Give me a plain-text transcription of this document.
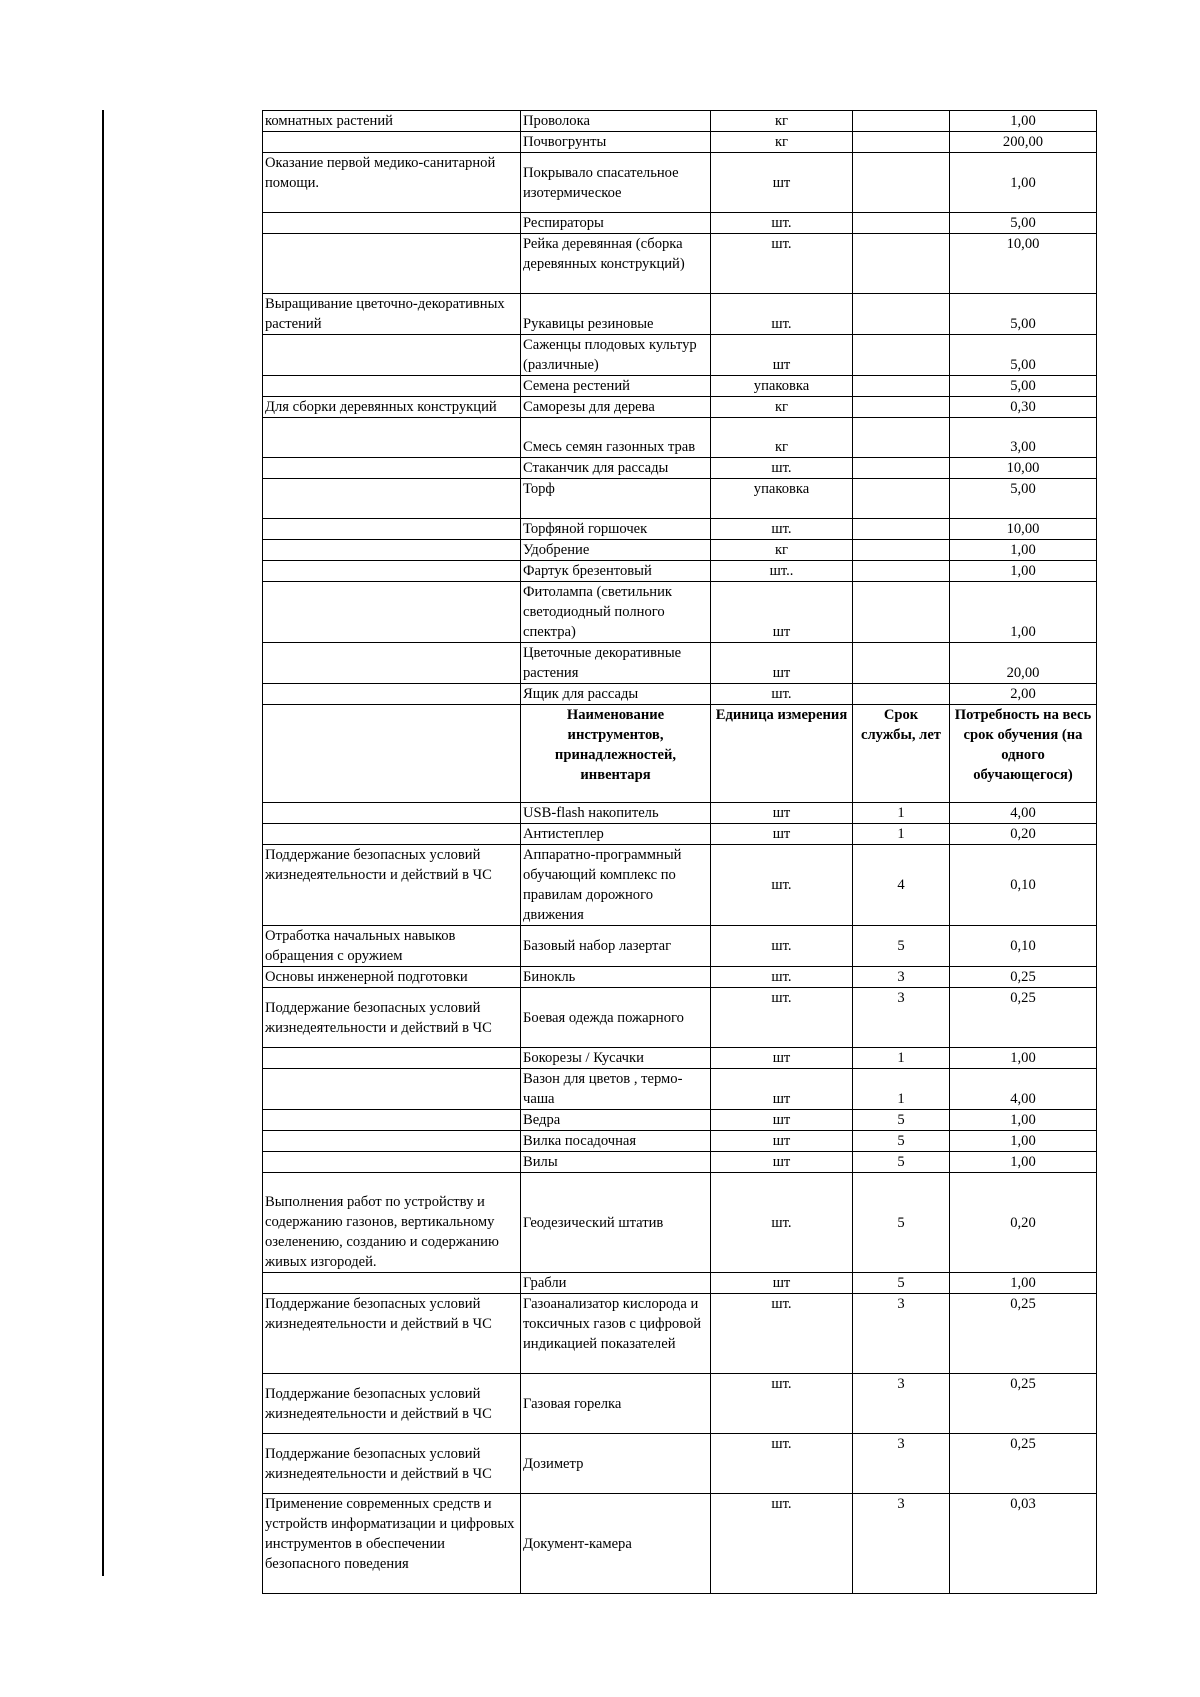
комнатных растений	Проволока	кг		1,00
	Почвогрунты	кг		200,00
Оказание первой медико-санитарной помощи.	Покрывало спасательное изотермическое	шт		1,00
	Респираторы	шт.		5,00
	Рейка деревянная (сборка деревянных конструкций)	шт.		10,00
Выращивание цветочно-декоративных растений	Рукавицы резиновые	шт.		5,00
	Саженцы плодовых культур (различные)	шт		5,00
	Семена рестений	упаковка		5,00
Для сборки деревянных конструкций	Саморезы для дерева	кг		0,30
	Смесь семян газонных трав	кг		3,00
	Стаканчик для рассады	шт.		10,00
	Торф	упаковка		5,00
	Торфяной горшочек	шт.		10,00
	Удобрение	кг		1,00
	Фартук брезентовый	шт..		1,00
	Фитолампа (светильник светодиодный полного спектра)	шт		1,00
	Цветочные декоративные растения	шт		20,00
	Ящик для рассады	шт.		2,00
	Наименование инструментов, принадлежностей, инвентаря	Единица измерения	Срок службы, лет	Потребность на весь срок обучения (на одного обучающегося)
	USB-flash накопитель	шт	1	4,00
	Антистеплер	шт	1	0,20
Поддержание безопасных условий жизнедеятельности и действий в ЧС	Аппаратно-программный обучающий комплекс по правилам дорожного движения	шт.	4	0,10
Отработка начальных навыков обращения с оружием	Базовый набор лазертаг	шт.	5	0,10
Основы инженерной подготовки	Бинокль	шт.	3	0,25
Поддержание безопасных условий жизнедеятельности и действий в ЧС	Боевая одежда пожарного	шт.	3	0,25
	Бокорезы / Кусачки	шт	1	1,00
	Вазон для цветов , термо-чаша	шт	1	4,00
	Ведра	шт	5	1,00
	Вилка посадочная	шт	5	1,00
	Вилы	шт	5	1,00
Выполнения работ по устройству и содержанию газонов, вертикальному озеленению, созданию и содержанию живых изгородей.	Геодезический штатив	шт.	5	0,20
	Грабли	шт	5	1,00
Поддержание безопасных условий жизнедеятельности и действий в ЧС	Газоанализатор кислорода и токсичных газов с цифровой индикацией показателей	шт.	3	0,25
Поддержание безопасных условий жизнедеятельности и действий в ЧС	Газовая горелка	шт.	3	0,25
Поддержание безопасных условий жизнедеятельности и действий в ЧС	Дозиметр	шт.	3	0,25
Применение современных средств и устройств информатизации и цифровых инструментов в обеспечении безопасного поведения	Документ-камера	шт.	3	0,03
